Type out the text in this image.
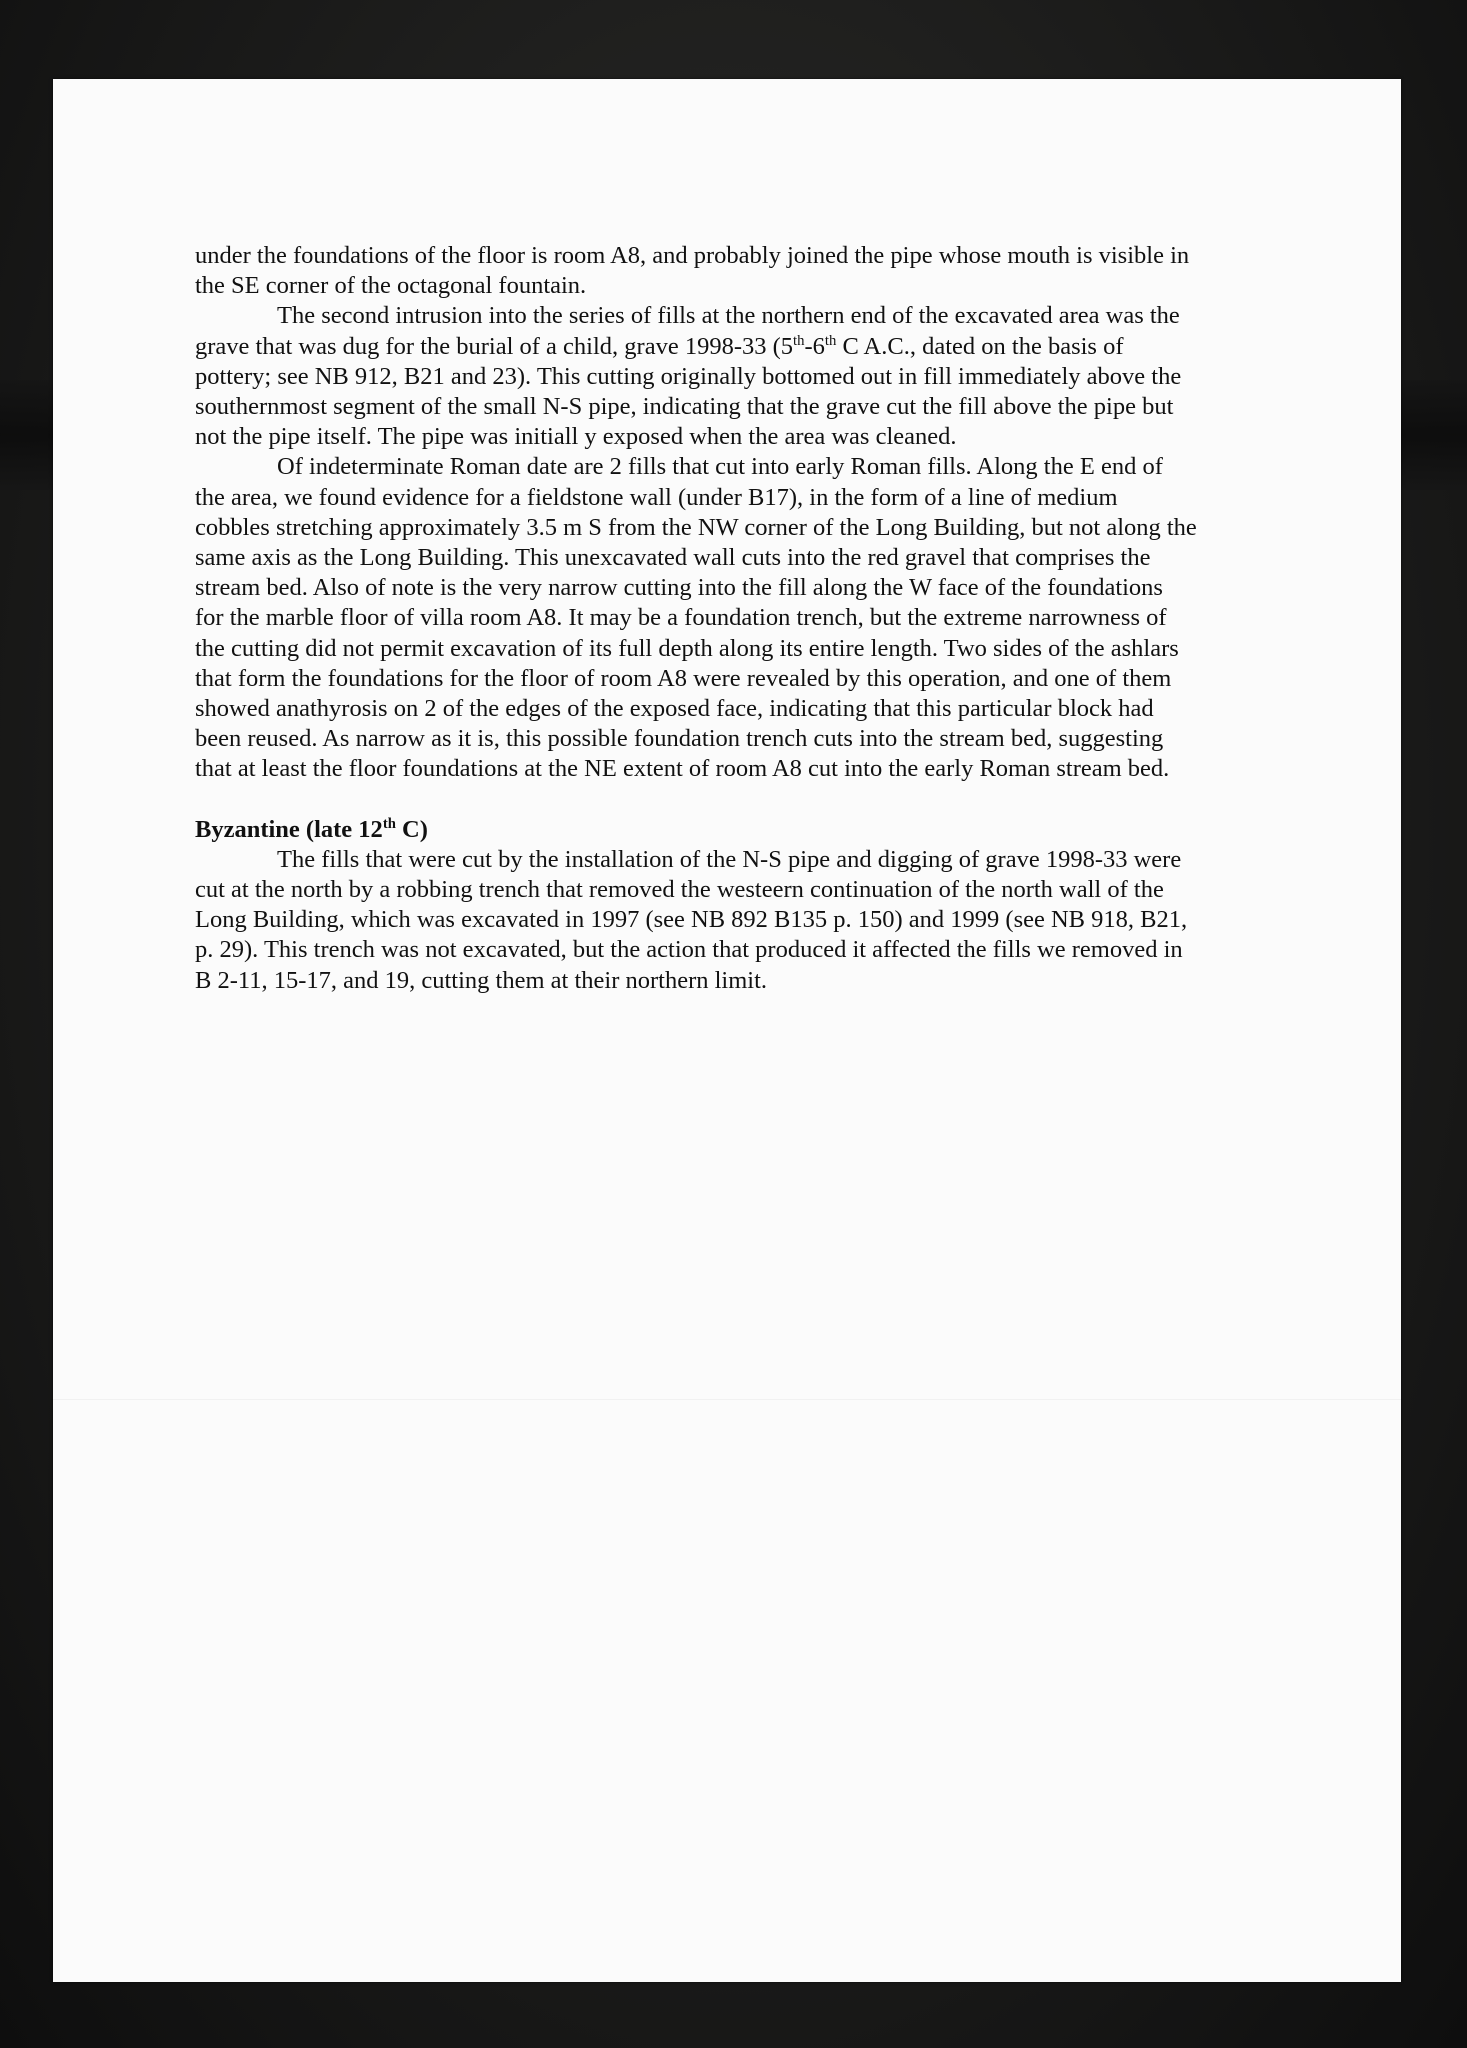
under the foundations of the floor is room A8, and probably joined the pipe whose mouth is visible in the SE corner of the octagonal fountain.

The second intrusion into the series of fills at the northern end of the excavated area was the grave that was dug for the burial of a child, grave 1998-33 (5th-6th C A.C., dated on the basis of pottery; see NB 912, B21 and 23). This cutting originally bottomed out in fill immediately above the southernmost segment of the small N-S pipe, indicating that the grave cut the fill above the pipe but not the pipe itself. The pipe was initiall y exposed when the area was cleaned.

Of indeterminate Roman date are 2 fills that cut into early Roman fills. Along the E end of the area, we found evidence for a fieldstone wall (under B17), in the form of a line of medium cobbles stretching approximately 3.5 m S from the NW corner of the Long Building, but not along the same axis as the Long Building. This unexcavated wall cuts into the red gravel that comprises the stream bed. Also of note is the very narrow cutting into the fill along the W face of the foundations for the marble floor of villa room A8. It may be a foundation trench, but the extreme narrowness of the cutting did not permit excavation of its full depth along its entire length. Two sides of the ashlars that form the foundations for the floor of room A8 were revealed by this operation, and one of them showed anathyrosis on 2 of the edges of the exposed face, indicating that this particular block had been reused. As narrow as it is, this possible foundation trench cuts into the stream bed, suggesting that at least the floor foundations at the NE extent of room A8 cut into the early Roman stream bed.

Byzantine (late 12th C)

The fills that were cut by the installation of the N-S pipe and digging of grave 1998-33 were cut at the north by a robbing trench that removed the westeern continuation of the north wall of the Long Building, which was excavated in 1997 (see NB 892 B135 p. 150) and 1999 (see NB 918, B21, p. 29). This trench was not excavated, but the action that produced it affected the fills we removed in B 2-11, 15-17, and 19, cutting them at their northern limit.
